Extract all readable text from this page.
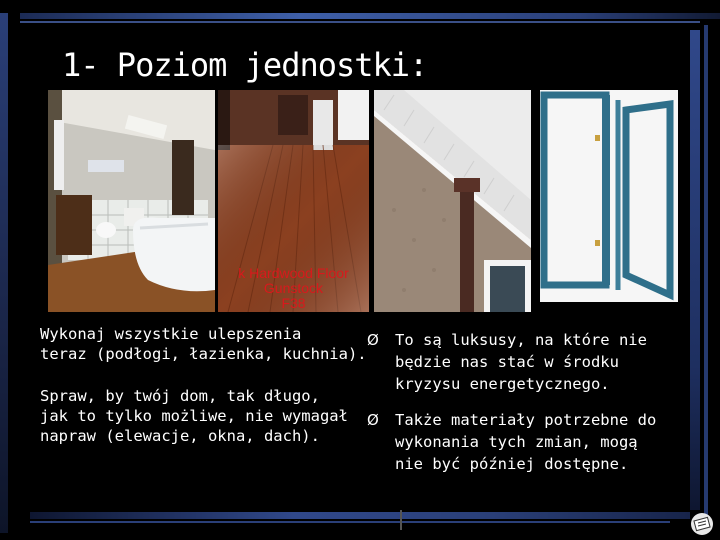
1- Poziom jednostki:
k Hardwood Floor
Gunstock
F38
Wykonaj wszystkie ulepszenia
teraz (podłogi, łazienka, kuchnia).
Spraw, by twój dom, tak długo,
jak to tylko możliwe, nie wymagał
napraw (elewacje, okna, dach).
Ø To są luksusy, na które nie
będzie nas stać w środku
kryzysu energetycznego.
Ø Także materiały potrzebne do
wykonania tych zmian, mogą
nie być później dostępne.
